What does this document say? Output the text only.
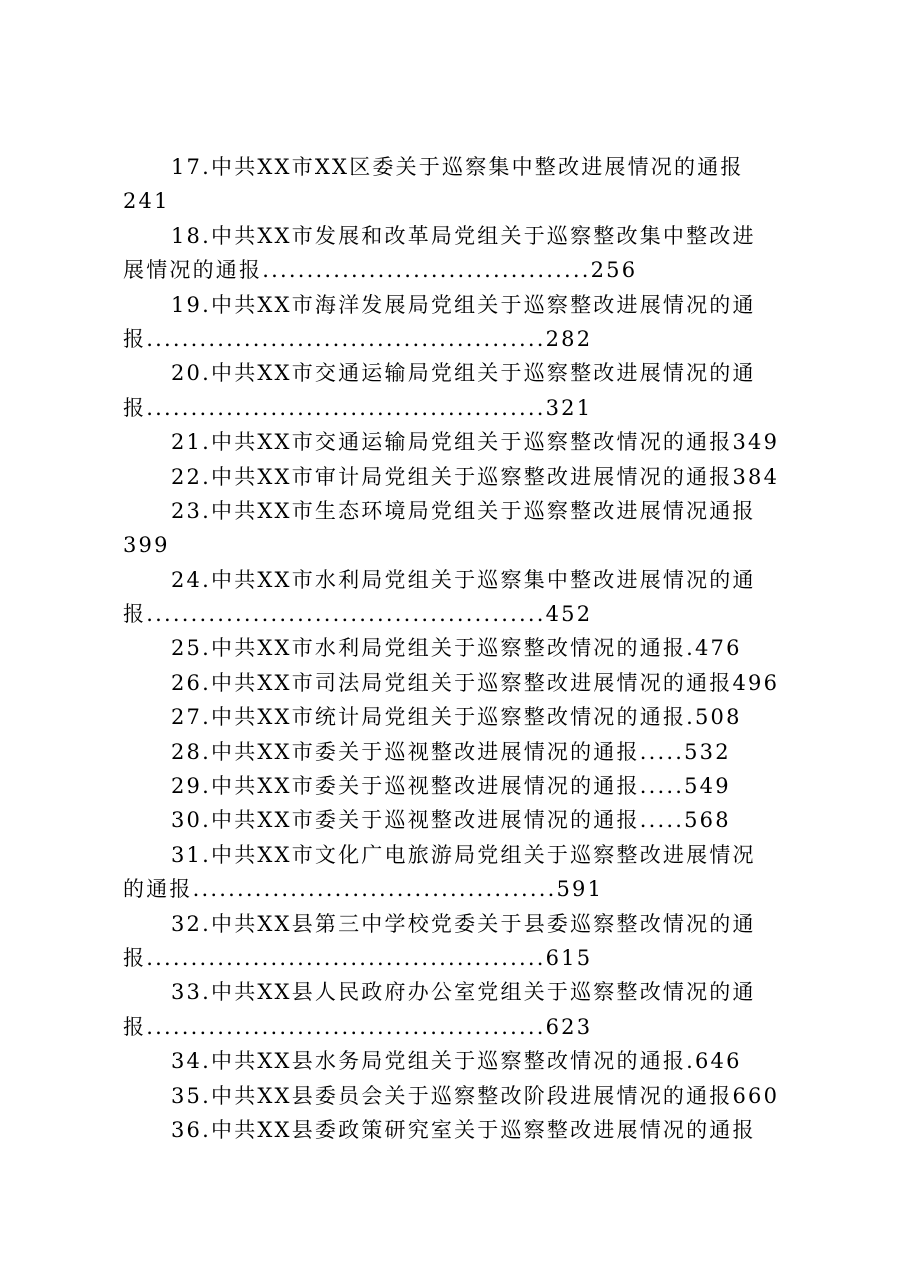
17.中共XX市XX区委关于巡察集中整改进展情况的通报
241
18.中共XX市发展和改革局党组关于巡察整改集中整改进
展情况的通报.....................................256
19.中共XX市海洋发展局党组关于巡察整改进展情况的通
报.............................................282
20.中共XX市交通运输局党组关于巡察整改进展情况的通
报.............................................321
21.中共XX市交通运输局党组关于巡察整改情况的通报349
22.中共XX市审计局党组关于巡察整改进展情况的通报384
23.中共XX市生态环境局党组关于巡察整改进展情况通报
399
24.中共XX市水利局党组关于巡察集中整改进展情况的通
报.............................................452
25.中共XX市水利局党组关于巡察整改情况的通报.476
26.中共XX市司法局党组关于巡察整改进展情况的通报496
27.中共XX市统计局党组关于巡察整改情况的通报.508
28.中共XX市委关于巡视整改进展情况的通报.....532
29.中共XX市委关于巡视整改进展情况的通报.....549
30.中共XX市委关于巡视整改进展情况的通报.....568
31.中共XX市文化广电旅游局党组关于巡察整改进展情况
的通报.........................................591
32.中共XX县第三中学校党委关于县委巡察整改情况的通
报.............................................615
33.中共XX县人民政府办公室党组关于巡察整改情况的通
报.............................................623
34.中共XX县水务局党组关于巡察整改情况的通报.646
35.中共XX县委员会关于巡察整改阶段进展情况的通报660
36.中共XX县委政策研究室关于巡察整改进展情况的通报
